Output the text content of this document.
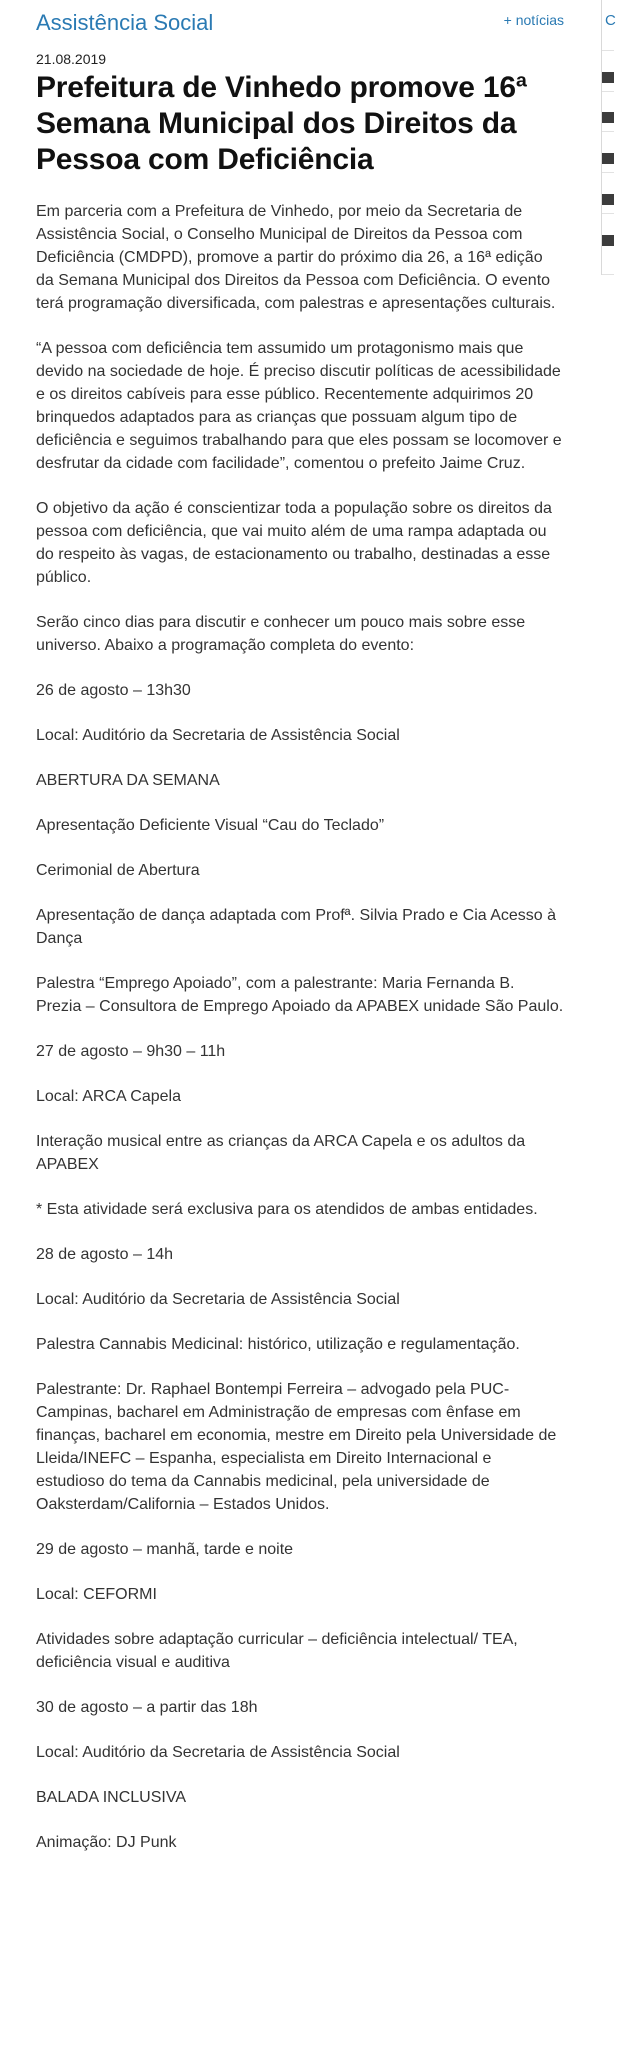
Assistência Social	+ notícias
21.08.2019
Prefeitura de Vinhedo promove 16ª Semana Municipal dos Direitos da Pessoa com Deficiência

Em parceria com a Prefeitura de Vinhedo, por meio da Secretaria de Assistência Social, o Conselho Municipal de Direitos da Pessoa com Deficiência (CMDPD), promove a partir do próximo dia 26, a 16ª edição da Semana Municipal dos Direitos da Pessoa com Deficiência. O evento terá programação diversificada, com palestras e apresentações culturais.

“A pessoa com deficiência tem assumido um protagonismo mais que devido na sociedade de hoje. É preciso discutir políticas de acessibilidade e os direitos cabíveis para esse público. Recentemente adquirimos 20 brinquedos adaptados para as crianças que possuam algum tipo de deficiência e seguimos trabalhando para que eles possam se locomover e desfrutar da cidade com facilidade”, comentou o prefeito Jaime Cruz.

O objetivo da ação é conscientizar toda a população sobre os direitos da pessoa com deficiência, que vai muito além de uma rampa adaptada ou do respeito às vagas, de estacionamento ou trabalho, destinadas a esse público.

Serão cinco dias para discutir e conhecer um pouco mais sobre esse universo. Abaixo a programação completa do evento:

26 de agosto – 13h30

Local: Auditório da Secretaria de Assistência Social

ABERTURA DA SEMANA

Apresentação Deficiente Visual “Cau do Teclado”

Cerimonial de Abertura

Apresentação de dança adaptada com Profª. Silvia Prado e Cia Acesso à Dança

Palestra “Emprego Apoiado”, com a palestrante: Maria Fernanda B. Prezia – Consultora de Emprego Apoiado da APABEX unidade São Paulo.

27 de agosto – 9h30 – 11h

Local: ARCA Capela

Interação musical entre as crianças da ARCA Capela e os adultos da APABEX

* Esta atividade será exclusiva para os atendidos de ambas entidades.

28 de agosto – 14h

Local: Auditório da Secretaria de Assistência Social

Palestra Cannabis Medicinal: histórico, utilização e regulamentação.

Palestrante: Dr. Raphael Bontempi Ferreira – advogado pela PUC-Campinas, bacharel em Administração de empresas com ênfase em finanças, bacharel em economia, mestre em Direito pela Universidade de Lleida/INEFC – Espanha, especialista em Direito Internacional e estudioso do tema da Cannabis medicinal, pela universidade de Oaksterdam/California – Estados Unidos.

29 de agosto – manhã, tarde e noite

Local: CEFORMI

Atividades sobre adaptação curricular – deficiência intelectual/ TEA, deficiência visual e auditiva

30 de agosto – a partir das 18h

Local: Auditório da Secretaria de Assistência Social

BALADA INCLUSIVA

Animação: DJ Punk

C
